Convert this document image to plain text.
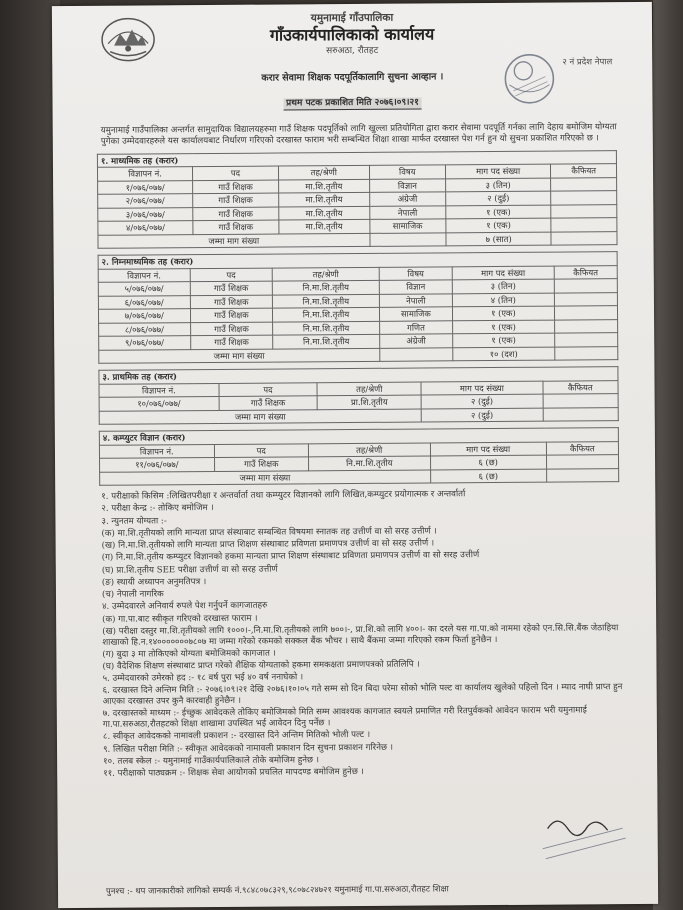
यमुनामाई गाँउपालिका
गाँउकार्यपालिकाको कार्यालय
सरुअठा, रौतहट
२ नं प्रदेश नेपाल
करार सेवामा शिक्षक पदपूर्तिकालागि सुचना आव्हान ।
प्रथम पटक प्रकाशित मिति २०७६।०९।२१

यमुनामाई गाउँपालिका अन्तर्गत सामुदायिक विद्यालयहरुमा गाउँ शिक्षक पदपूर्तिको लागि खुल्ला प्रतियोगिता द्वारा करार सेवामा पदपूर्ति गर्नका लागि देहाय बमोजिम योग्यता पुगेका उम्मेदवारहरुले यस कार्यालयबाट निर्धारण गरिएको दरखास्त फाराम भरी सम्बन्धित शिक्षा शाखा मार्फत दरखास्त पेश गर्न हुन यो सुचना प्रकाशित गरिएको छ ।

१. माध्यमिक तह (करार)					
विज्ञापन नं.	पद	तह/श्रेणी	विषय	माग पद संख्या	कैफियत
१/०७६/०७७/	गाउँ शिक्षक	मा.शि.तृतीय	विज्ञान	३ (तिन)	
२/०७६/०७७/	गाउँ शिक्षक	मा.शि.तृतीय	अंग्रेजी	२ (दुई)	
३/०७६/०७७/	गाउँ शिक्षक	मा.शि.तृतीय	नेपाली	१ (एक)	
४/०७६/०७७/	गाउँ शिक्षक	मा.शि.तृतीय	सामाजिक	१ (एक)	
जम्मा माग संख्या				७ (सात)	
२. निम्नमाध्यमिक तह (करार)					
विज्ञापन नं.	पद	तह/श्रेणी	विषय	माग पद संख्या	कैफियत
५/०७६/०७७/	गाउँ शिक्षक	नि.मा.शि.तृतीय	विज्ञान	३ (तिन)	
६/०७६/०७७/	गाउँ शिक्षक	नि.मा.शि.तृतीय	नेपाली	४ (तिन)	
७/०७६/०७७/	गाउँ शिक्षक	नि.मा.शि.तृतीय	सामाजिक	१ (एक)	
८/०७६/०७७/	गाउँ शिक्षक	नि.मा.शि.तृतीय	गणित	१ (एक)	
९/०७६/०७७/	गाउँ शिक्षक	नि.मा.शि.तृतीय	अंग्रेजी	१ (एक)	
जम्मा माग संख्या				१० (दश)	
३. प्राथमिक तह (करार)				
विज्ञापन नं.	पद	तह/श्रेणी	माग पद संख्या	कैफियत
१०/०७६/०७७/	गाउँ शिक्षक	प्रा.शि.तृतीय	२ (दुई)	
जम्मा माग संख्या			२ (दुई)	
४. कम्प्युटर विज्ञान (करार)				
विज्ञापन नं.	पद	तह/श्रेणी	माग पद संख्या	कैफियत
११/०७६/०७७/	गाउँ शिक्षक	नि.मा.शि.तृतीय	६ (छ)	
जम्मा माग संख्या			६ (छ)	

१. परीक्षाको किसिम :लिखितपरीक्षा र अन्तर्वार्ता तथा कम्प्युटर विज्ञानको लागि लिखित,कम्प्युटर प्रयोगात्मक र अन्तर्वार्ता

२. परीक्षा केन्द्र :- तोकिए बमोजिम ।

३. न्युनतम योग्यता :-

(क) मा.शि.तृतीयको लागि मान्यता प्राप्त संस्थाबाट सम्बन्धित विषयमा स्नातक तह उत्तीर्ण वा सो सरह उत्तीर्ण ।

(ख) नि.मा.शि.तृतीयको लागि मान्यता प्राप्त शिक्षण संस्थाबाट प्रविणता प्रमाणपत्र उत्तीर्ण वा सो सरह उत्तीर्ण ।

(ग) नि.मा.शि.तृतीय कम्प्युटर विज्ञानको हकमा मान्यता प्राप्त शिक्षण संस्थाबाट प्रविणता प्रमाणपत्र उत्तीर्ण वा सो सरह उत्तीर्ण

(घ) प्रा.शि.तृतीय SEE परीक्षा उत्तीर्ण वा सो सरह उत्तीर्ण

(ङ) स्थायी अध्यापन अनुमतिपत्र ।

(च) नेपाली नागरिक

४. उम्मेदवारले अनिवार्य रुपले पेश गर्नुपर्ने कागजातहरु

(क) गा.पा.बाट स्वीकृत गरिएको दरखास्त फाराम ।

(ख) परीक्षा दस्तुर मा.शि.तृतीयको लागि १०००।-,नि.मा.शि.तृतीयको लागि ७००।-, प्रा.शि.को लागि ४००।- का दरले यस गा.पा.को नाममा रहेको एन.सि.सि.बैंक जेठाहिया शाखाको हि.न.१४०००००००७८०७ मा जम्मा गरेको रकमको सक्कल बैंक भौचर । साथै बैंकमा जम्मा गरिएको रकम फिर्ता हुनेछैन ।

(ग) बुदा ३ मा तोकिएको योग्यता बमोजिमको कागजात ।

(घ) वैदेशिक शिक्षण संस्थाबाट प्राप्त गरेको शैक्षिक योग्यताको हकमा समकक्षता प्रमाणपत्रको प्रतिलिपि ।

५. उम्मेदवारको उमेरको हद :- १८ वर्ष पुरा भई ४० वर्ष ननाघेको ।

६. दरखास्त दिने अन्तिम मिति :- २०७६।०९।२१ देखि २०७६।१०।०५ गते सम्म सो दिन बिदा परेमा सोको भोलि पल्ट वा कार्यालय खुलेको पहिलो दिन । म्याद नाघी प्राप्त हुन आएका दरखास्त उपर कुनै कारवाही हुनेछैन ।

७. दरखास्तको माध्यम :- ईच्छुक आवेदकले तोकिए बमोजिमको मिति सम्म आवश्यक कागजात स्वयले प्रमाणित गरी रितपुर्वकको आवेदन फाराम भरी यमुनामाई गा.पा.सरुअठा,रौतहटको शिक्षा शाखामा उपस्थित भई आवेदन दिनु पर्नेछ ।

८. स्वीकृत आवेदकको नामावली प्रकाशन :- दरखास्त दिने अन्तिम मितिको भोली पल्ट ।

९. लिखित परीक्षा मिति :- स्वीकृत आवेदकको नामावली प्रकाशन दिन सुचना प्रकाशन गरिनेछ ।

१०. तलब स्केल :- यमुनामाई गाउँकार्यपालिकाले तोके बमोजिम हुनेछ ।

११. परीक्षाको पाठ्यक्रम :- शिक्षक सेवा आयोगको प्रचलित मापदण्ड बमोजिम हुनेछ ।

पुनश्च :- थप जानकारीको लागिको सम्पर्क नं.९८४८०७८३२९,९८०७८२४७२१ यमुनामाई गा.पा.सरुअठा,रौतहट शिक्षा
